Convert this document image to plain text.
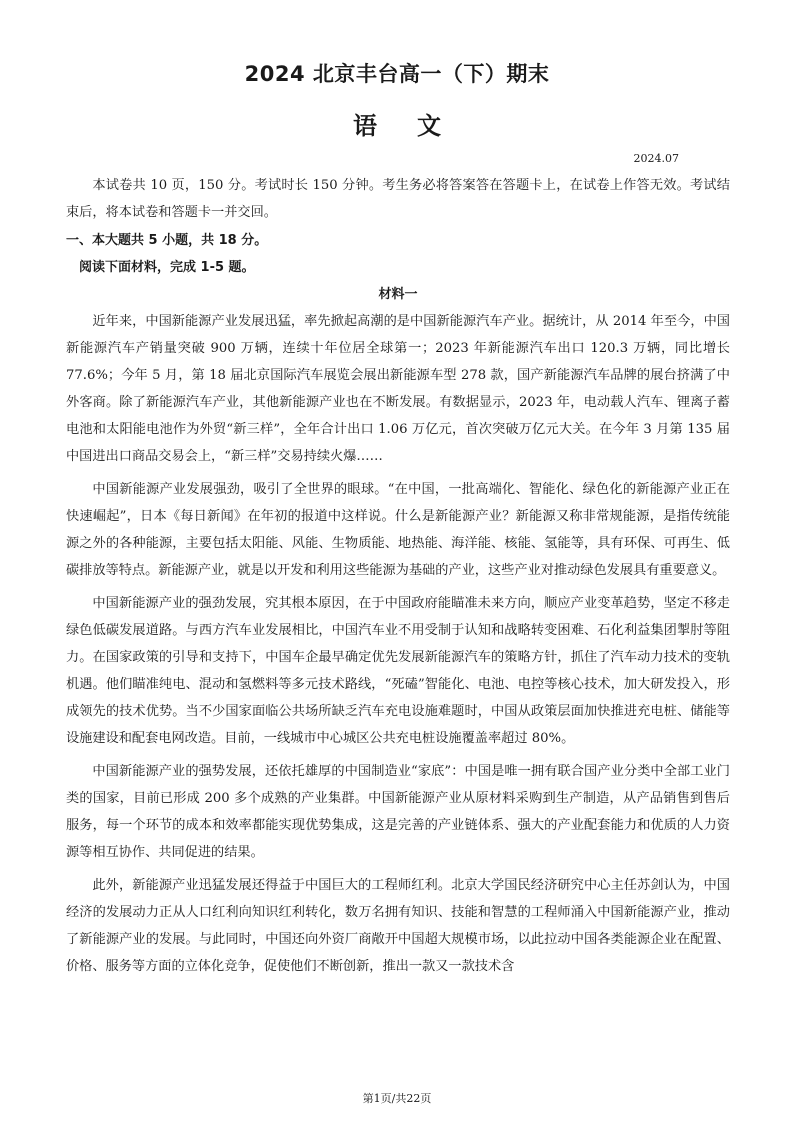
2024 北京丰台高一（下）期末
语文
2024.07

本试卷共 10 页，150 分。考试时长 150 分钟。考生务必将答案答在答题卡上，在试卷上作答无效。考试结束后，将本试卷和答题卡一并交回。

一、本大题共 5 小题，共 18 分。

阅读下面材料，完成 1-5 题。

材料一

近年来，中国新能源产业发展迅猛，率先掀起高潮的是中国新能源汽车产业。据统计，从 2014 年至今，中国新能源汽车产销量突破 900 万辆，连续十年位居全球第一；2023 年新能源汽车出口 120.3 万辆，同比增长 77.6%；今年 5 月，第 18 届北京国际汽车展览会展出新能源车型 278 款，国产新能源汽车品牌的展台挤满了中外客商。除了新能源汽车产业，其他新能源产业也在不断发展。有数据显示，2023 年，电动载人汽车、锂离子蓄电池和太阳能电池作为外贸“新三样”，全年合计出口 1.06 万亿元，首次突破万亿元大关。在今年 3 月第 135 届中国进出口商品交易会上，“新三样”交易持续火爆……

中国新能源产业发展强劲，吸引了全世界的眼球。“在中国，一批高端化、智能化、绿色化的新能源产业正在快速崛起”，日本《每日新闻》在年初的报道中这样说。什么是新能源产业？新能源又称非常规能源，是指传统能源之外的各种能源，主要包括太阳能、风能、生物质能、地热能、海洋能、核能、氢能等，具有环保、可再生、低碳排放等特点。新能源产业，就是以开发和利用这些能源为基础的产业，这些产业对推动绿色发展具有重要意义。

中国新能源产业的强劲发展，究其根本原因，在于中国政府能瞄准未来方向，顺应产业变革趋势，坚定不移走绿色低碳发展道路。与西方汽车业发展相比，中国汽车业不用受制于认知和战略转变困难、石化利益集团掣肘等阻力。在国家政策的引导和支持下，中国车企最早确定优先发展新能源汽车的策略方针，抓住了汽车动力技术的变轨机遇。他们瞄准纯电、混动和氢燃料等多元技术路线，“死磕”智能化、电池、电控等核心技术，加大研发投入，形成领先的技术优势。当不少国家面临公共场所缺乏汽车充电设施难题时，中国从政策层面加快推进充电桩、储能等设施建设和配套电网改造。目前，一线城市中心城区公共充电桩设施覆盖率超过 80%。

中国新能源产业的强势发展，还依托雄厚的中国制造业“家底”：中国是唯一拥有联合国产业分类中全部工业门类的国家，目前已形成 200 多个成熟的产业集群。中国新能源产业从原材料采购到生产制造，从产品销售到售后服务，每一个环节的成本和效率都能实现优势集成，这是完善的产业链体系、强大的产业配套能力和优质的人力资源等相互协作、共同促进的结果。

此外，新能源产业迅猛发展还得益于中国巨大的工程师红利。北京大学国民经济研究中心主任苏剑认为，中国经济的发展动力正从人口红利向知识红利转化，数万名拥有知识、技能和智慧的工程师涌入中国新能源产业，推动了新能源产业的发展。与此同时，中国还向外资厂商敞开中国超大规模市场，以此拉动中国各类能源企业在配置、价格、服务等方面的立体化竞争，促使他们不断创新，推出一款又一款技术含

第1页/共22页
